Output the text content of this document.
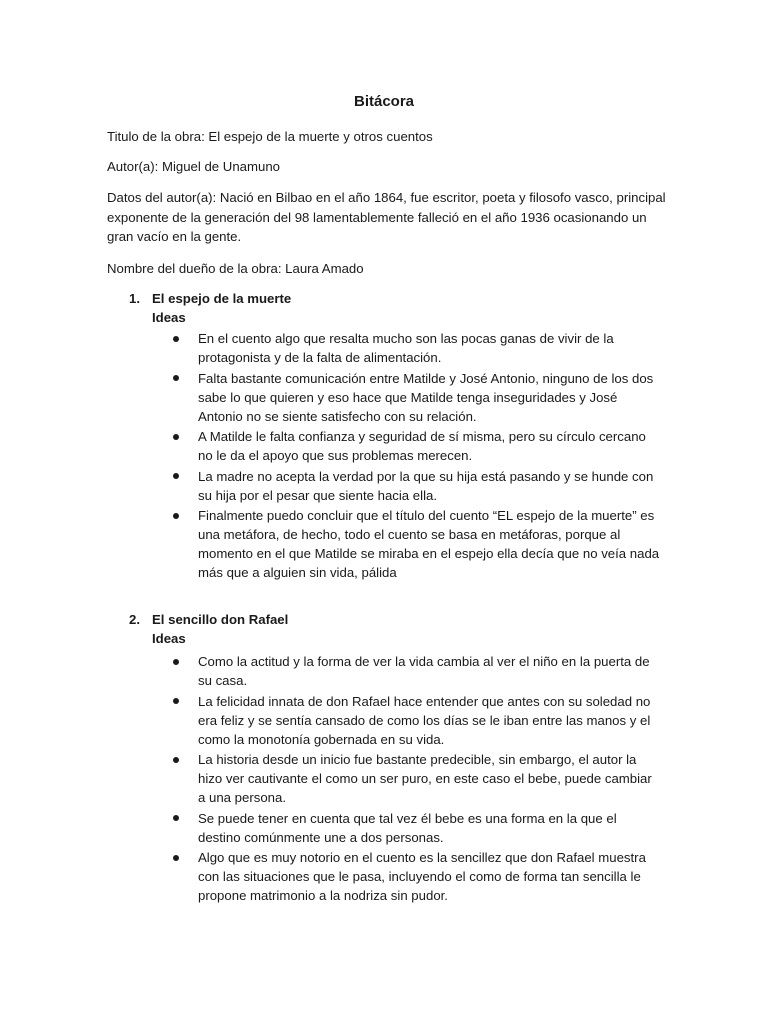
Bitácora
Titulo de la obra: El espejo de la muerte y otros cuentos
Autor(a): Miguel de Unamuno
Datos del autor(a): Nació en Bilbao en el año 1864, fue escritor, poeta y filosofo vasco, principal exponente de la generación del 98 lamentablemente falleció en el año 1936 ocasionando un gran vacío en la gente.
Nombre del dueño de la obra: Laura Amado
1. El espejo de la muerte
Ideas
En el cuento algo que resalta mucho son las pocas ganas de vivir de la protagonista y de la falta de alimentación.
Falta bastante comunicación entre Matilde y José Antonio, ninguno de los dos sabe lo que quieren y eso hace que Matilde tenga inseguridades y José Antonio no se siente satisfecho con su relación.
A Matilde le falta confianza y seguridad de sí misma, pero su círculo cercano no le da el apoyo que sus problemas merecen.
La madre no acepta la verdad por la que su hija está pasando y se hunde con su hija por el pesar que siente hacia ella.
Finalmente puedo concluir que el título del cuento “EL espejo de la muerte” es una metáfora, de hecho, todo el cuento se basa en metáforas, porque al momento en el que Matilde se miraba en el espejo ella decía que no veía nada más que a alguien sin vida, pálida
2. El sencillo don Rafael
Ideas
Como la actitud y la forma de ver la vida cambia al ver el niño en la puerta de su casa.
La felicidad innata de don Rafael hace entender que antes con su soledad no era feliz y se sentía cansado de como los días se le iban entre las manos y el como la monotonía gobernada en su vida.
La historia desde un inicio fue bastante predecible, sin embargo, el autor la hizo ver cautivante el como un ser puro, en este caso el bebe, puede cambiar a una persona.
Se puede tener en cuenta que tal vez él bebe es una forma en la que el destino comúnmente une a dos personas.
Algo que es muy notorio en el cuento es la sencillez que don Rafael muestra con las situaciones que le pasa, incluyendo el como de forma tan sencilla le propone matrimonio a la nodriza sin pudor.
